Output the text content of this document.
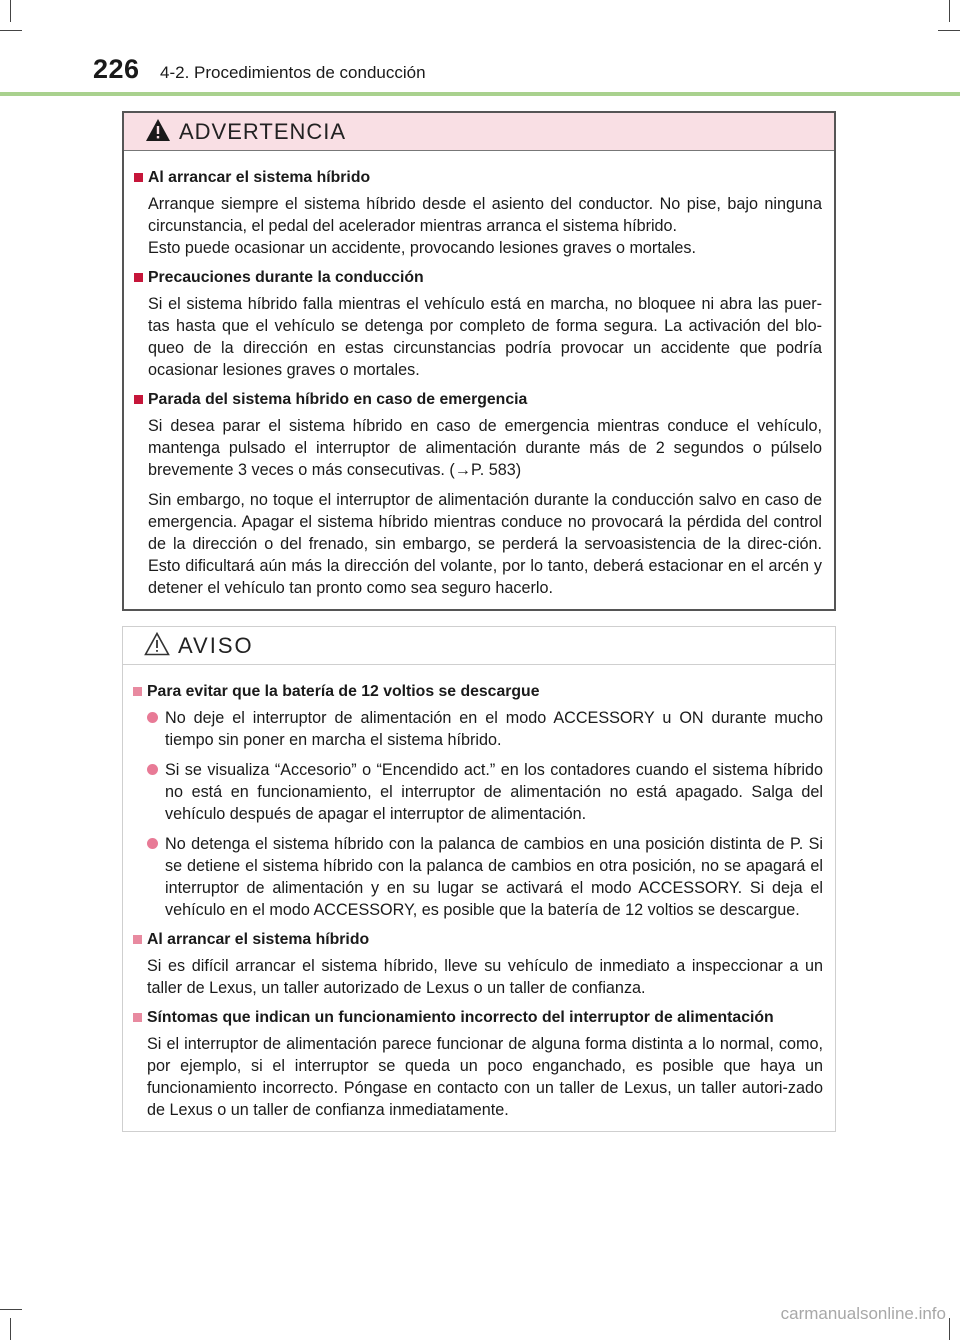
226 4-2. Procedimientos de conducción
ADVERTENCIA
Al arrancar el sistema híbrido
Arranque siempre el sistema híbrido desde el asiento del conductor. No pise, bajo ninguna circunstancia, el pedal del acelerador mientras arranca el sistema híbrido.
Esto puede ocasionar un accidente, provocando lesiones graves o mortales.
Precauciones durante la conducción
Si el sistema híbrido falla mientras el vehículo está en marcha, no bloquee ni abra las puer-tas hasta que el vehículo se detenga por completo de forma segura. La activación del blo-queo de la dirección en estas circunstancias podría provocar un accidente que podría ocasionar lesiones graves o mortales.
Parada del sistema híbrido en caso de emergencia
Si desea parar el sistema híbrido en caso de emergencia mientras conduce el vehículo, mantenga pulsado el interruptor de alimentación durante más de 2 segundos o púlselo brevemente 3 veces o más consecutivas. (→P. 583)
Sin embargo, no toque el interruptor de alimentación durante la conducción salvo en caso de emergencia. Apagar el sistema híbrido mientras conduce no provocará la pérdida del control de la dirección o del frenado, sin embargo, se perderá la servoasistencia de la direc-ción. Esto dificultará aún más la dirección del volante, por lo tanto, deberá estacionar en el arcén y detener el vehículo tan pronto como sea seguro hacerlo.
AVISO
Para evitar que la batería de 12 voltios se descargue
No deje el interruptor de alimentación en el modo ACCESSORY u ON durante mucho tiempo sin poner en marcha el sistema híbrido.
Si se visualiza “Accesorio” o “Encendido act.” en los contadores cuando el sistema híbrido no está en funcionamiento, el interruptor de alimentación no está apagado. Salga del vehículo después de apagar el interruptor de alimentación.
No detenga el sistema híbrido con la palanca de cambios en una posición distinta de P. Si se detiene el sistema híbrido con la palanca de cambios en otra posición, no se apagará el interruptor de alimentación y en su lugar se activará el modo ACCESSORY. Si deja el vehículo en el modo ACCESSORY, es posible que la batería de 12 voltios se descargue.
Al arrancar el sistema híbrido
Si es difícil arrancar el sistema híbrido, lleve su vehículo de inmediato a inspeccionar a un taller de Lexus, un taller autorizado de Lexus o un taller de confianza.
Síntomas que indican un funcionamiento incorrecto del interruptor de alimentación
Si el interruptor de alimentación parece funcionar de alguna forma distinta a lo normal, como, por ejemplo, si el interruptor se queda un poco enganchado, es posible que haya un funcionamiento incorrecto. Póngase en contacto con un taller de Lexus, un taller autori-zado de Lexus o un taller de confianza inmediatamente.
carmanualsonline.info
